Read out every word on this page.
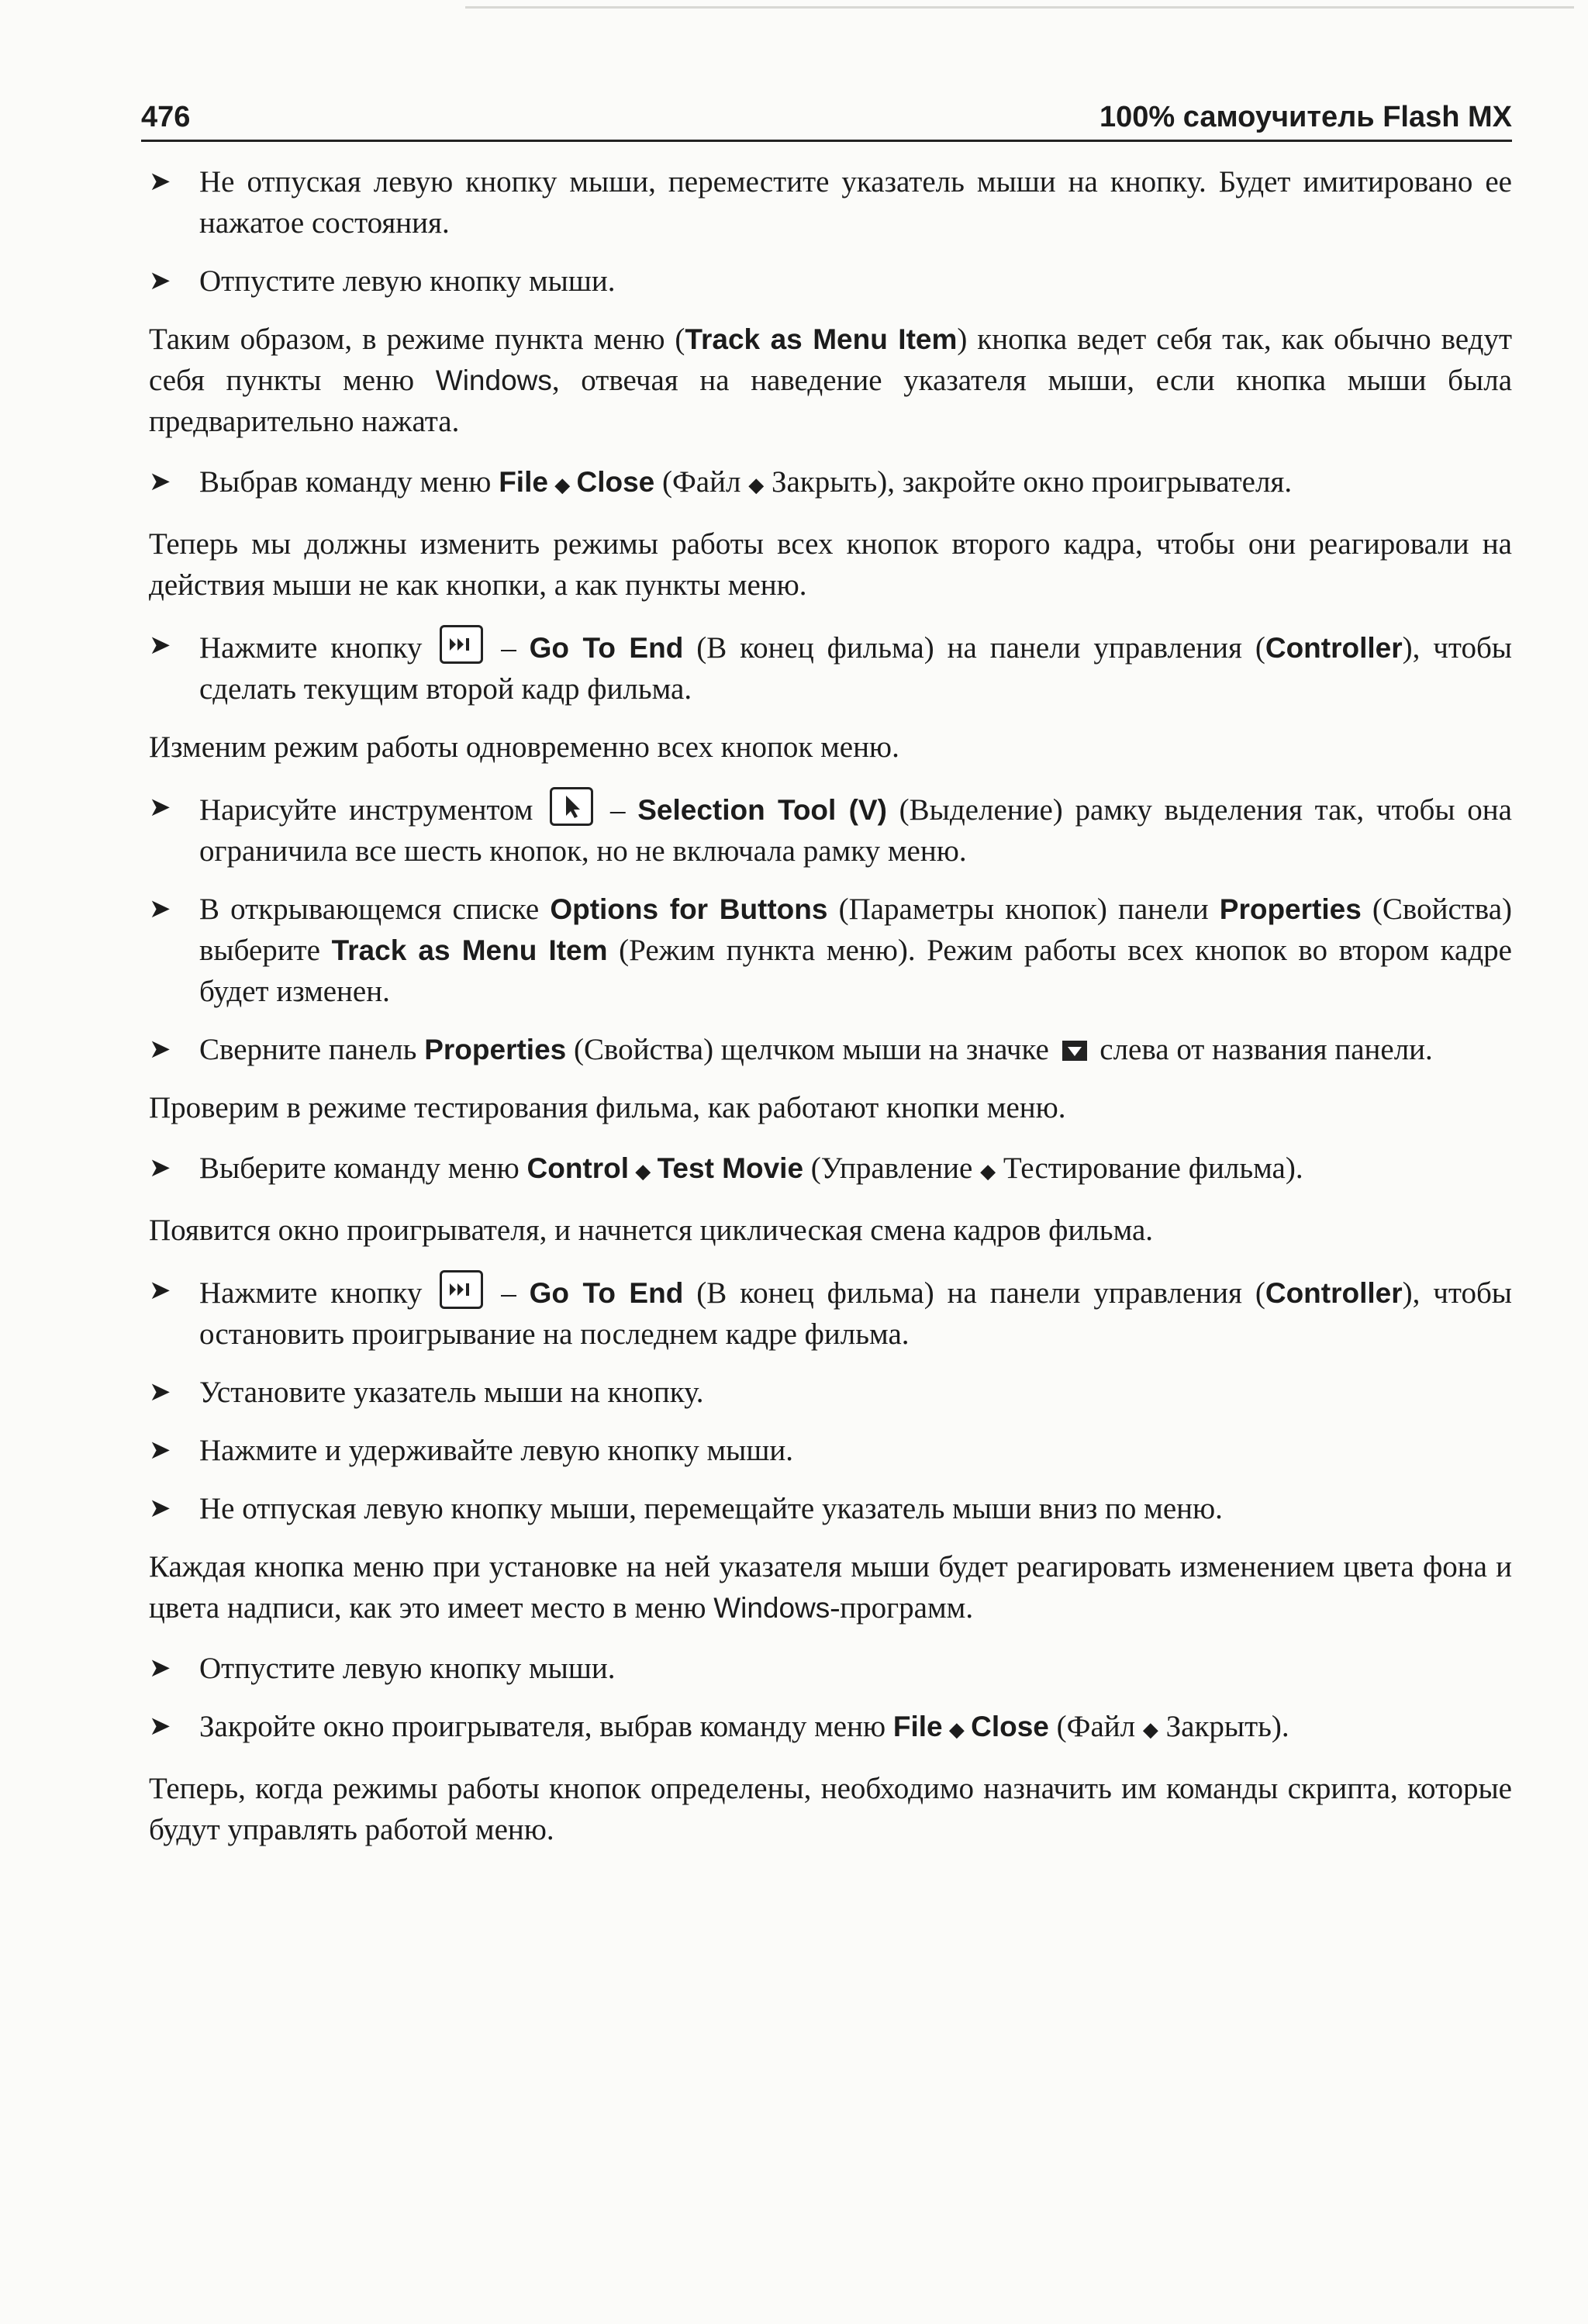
476	100% самоучитель Flash MX
➤ Не отпуская левую кнопку мыши, переместите указатель мыши на кнопку. Будет имитировано ее нажатое состояния.
➤ Отпустите левую кнопку мыши.
Таким образом, в режиме пункта меню (Track as Menu Item) кнопка ведет себя так, как обычно ведут себя пункты меню Windows, отвечая на наведение указателя мыши, если кнопка мыши была предварительно нажата.
➤ Выбрав команду меню File ◆ Close (Файл ◆ Закрыть), закройте окно проигрывателя.
Теперь мы должны изменить режимы работы всех кнопок второго кадра, чтобы они реагировали на действия мыши не как кнопки, а как пункты меню.
➤ Нажмите кнопку
– Go To End (В конец фильма) на панели управления (Controller), чтобы сделать текущим второй кадр фильма.
Изменим режим работы одновременно всех кнопок меню.
➤ Нарисуйте инструментом
– Selection Tool (V) (Выделение) рамку выделения так, чтобы она ограничила все шесть кнопок, но не включала рамку меню.
➤ В открывающемся списке Options for Buttons (Параметры кнопок) панели Properties (Свойства) выберите Track as Menu Item (Режим пункта меню). Режим работы всех кнопок во втором кадре будет изменен.
➤ Сверните панель Properties (Свойства) щелчком мыши на значке  слева от названия панели.
Проверим в режиме тестирования фильма, как работают кнопки меню.
➤ Выберите команду меню Control ◆ Test Movie (Управление ◆ Тестирование фильма).
Появится окно проигрывателя, и начнется циклическая смена кадров фильма.
➤ Нажмите кнопку
– Go To End (В конец фильма) на панели управления (Controller), чтобы остановить проигрывание на последнем кадре фильма.
➤ Установите указатель мыши на кнопку.
➤ Нажмите и удерживайте левую кнопку мыши.
➤ Не отпуская левую кнопку мыши, перемещайте указатель мыши вниз по меню.
Каждая кнопка меню при установке на ней указателя мыши будет реагировать изменением цвета фона и цвета надписи, как это имеет место в меню Windows-программ.
➤ Отпустите левую кнопку мыши.
➤ Закройте окно проигрывателя, выбрав команду меню File ◆ Close (Файл ◆ Закрыть).
Теперь, когда режимы работы кнопок определены, необходимо назначить им команды скрипта, которые будут управлять работой меню.
